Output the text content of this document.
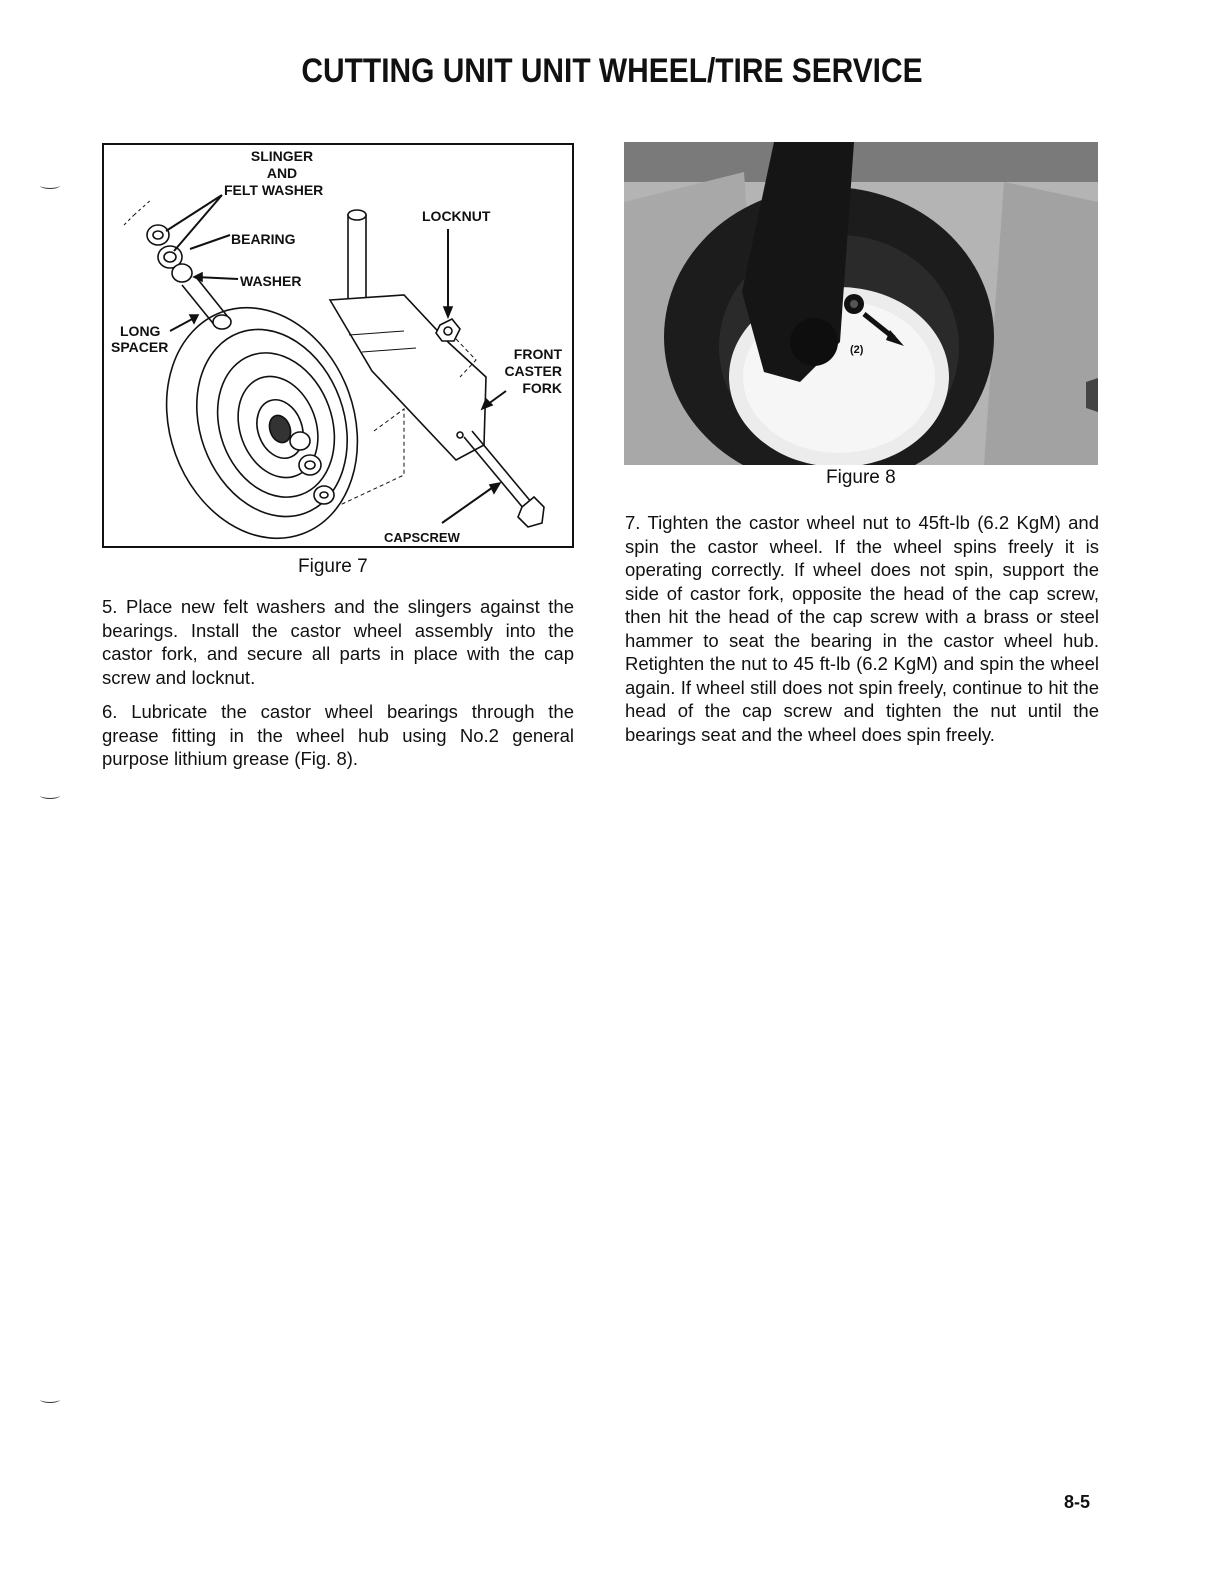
CUTTING UNIT UNIT WHEEL/TIRE SERVICE
SLINGER
AND
FELT WASHER
BEARING
WASHER
LOCKNUT
LONG
SPACER	FRONT
CASTER
FORK
CAPSCREW
Figure 7
(2)
Figure 8
5. Place new felt washers and the slingers against the bearings. Install the castor wheel assembly into the castor fork, and secure all parts in place with the cap screw and locknut.
6. Lubricate the castor wheel bearings through the grease fitting in the wheel hub using No.2 general purpose lithium grease (Fig. 8).
7. Tighten the castor wheel nut to 45ft-lb (6.2 KgM) and spin the castor wheel. If the wheel spins freely it is operating correctly. If wheel does not spin, support the side of castor fork, opposite the head of the cap screw, then hit the head of the cap screw with a brass or steel hammer to seat the bearing in the castor wheel hub. Retighten the nut to 45 ft-lb (6.2 KgM) and spin the wheel again. If wheel still does not spin freely, continue to hit the head of the cap screw and tighten the nut until the bearings seat and the wheel does spin freely.
8-5
